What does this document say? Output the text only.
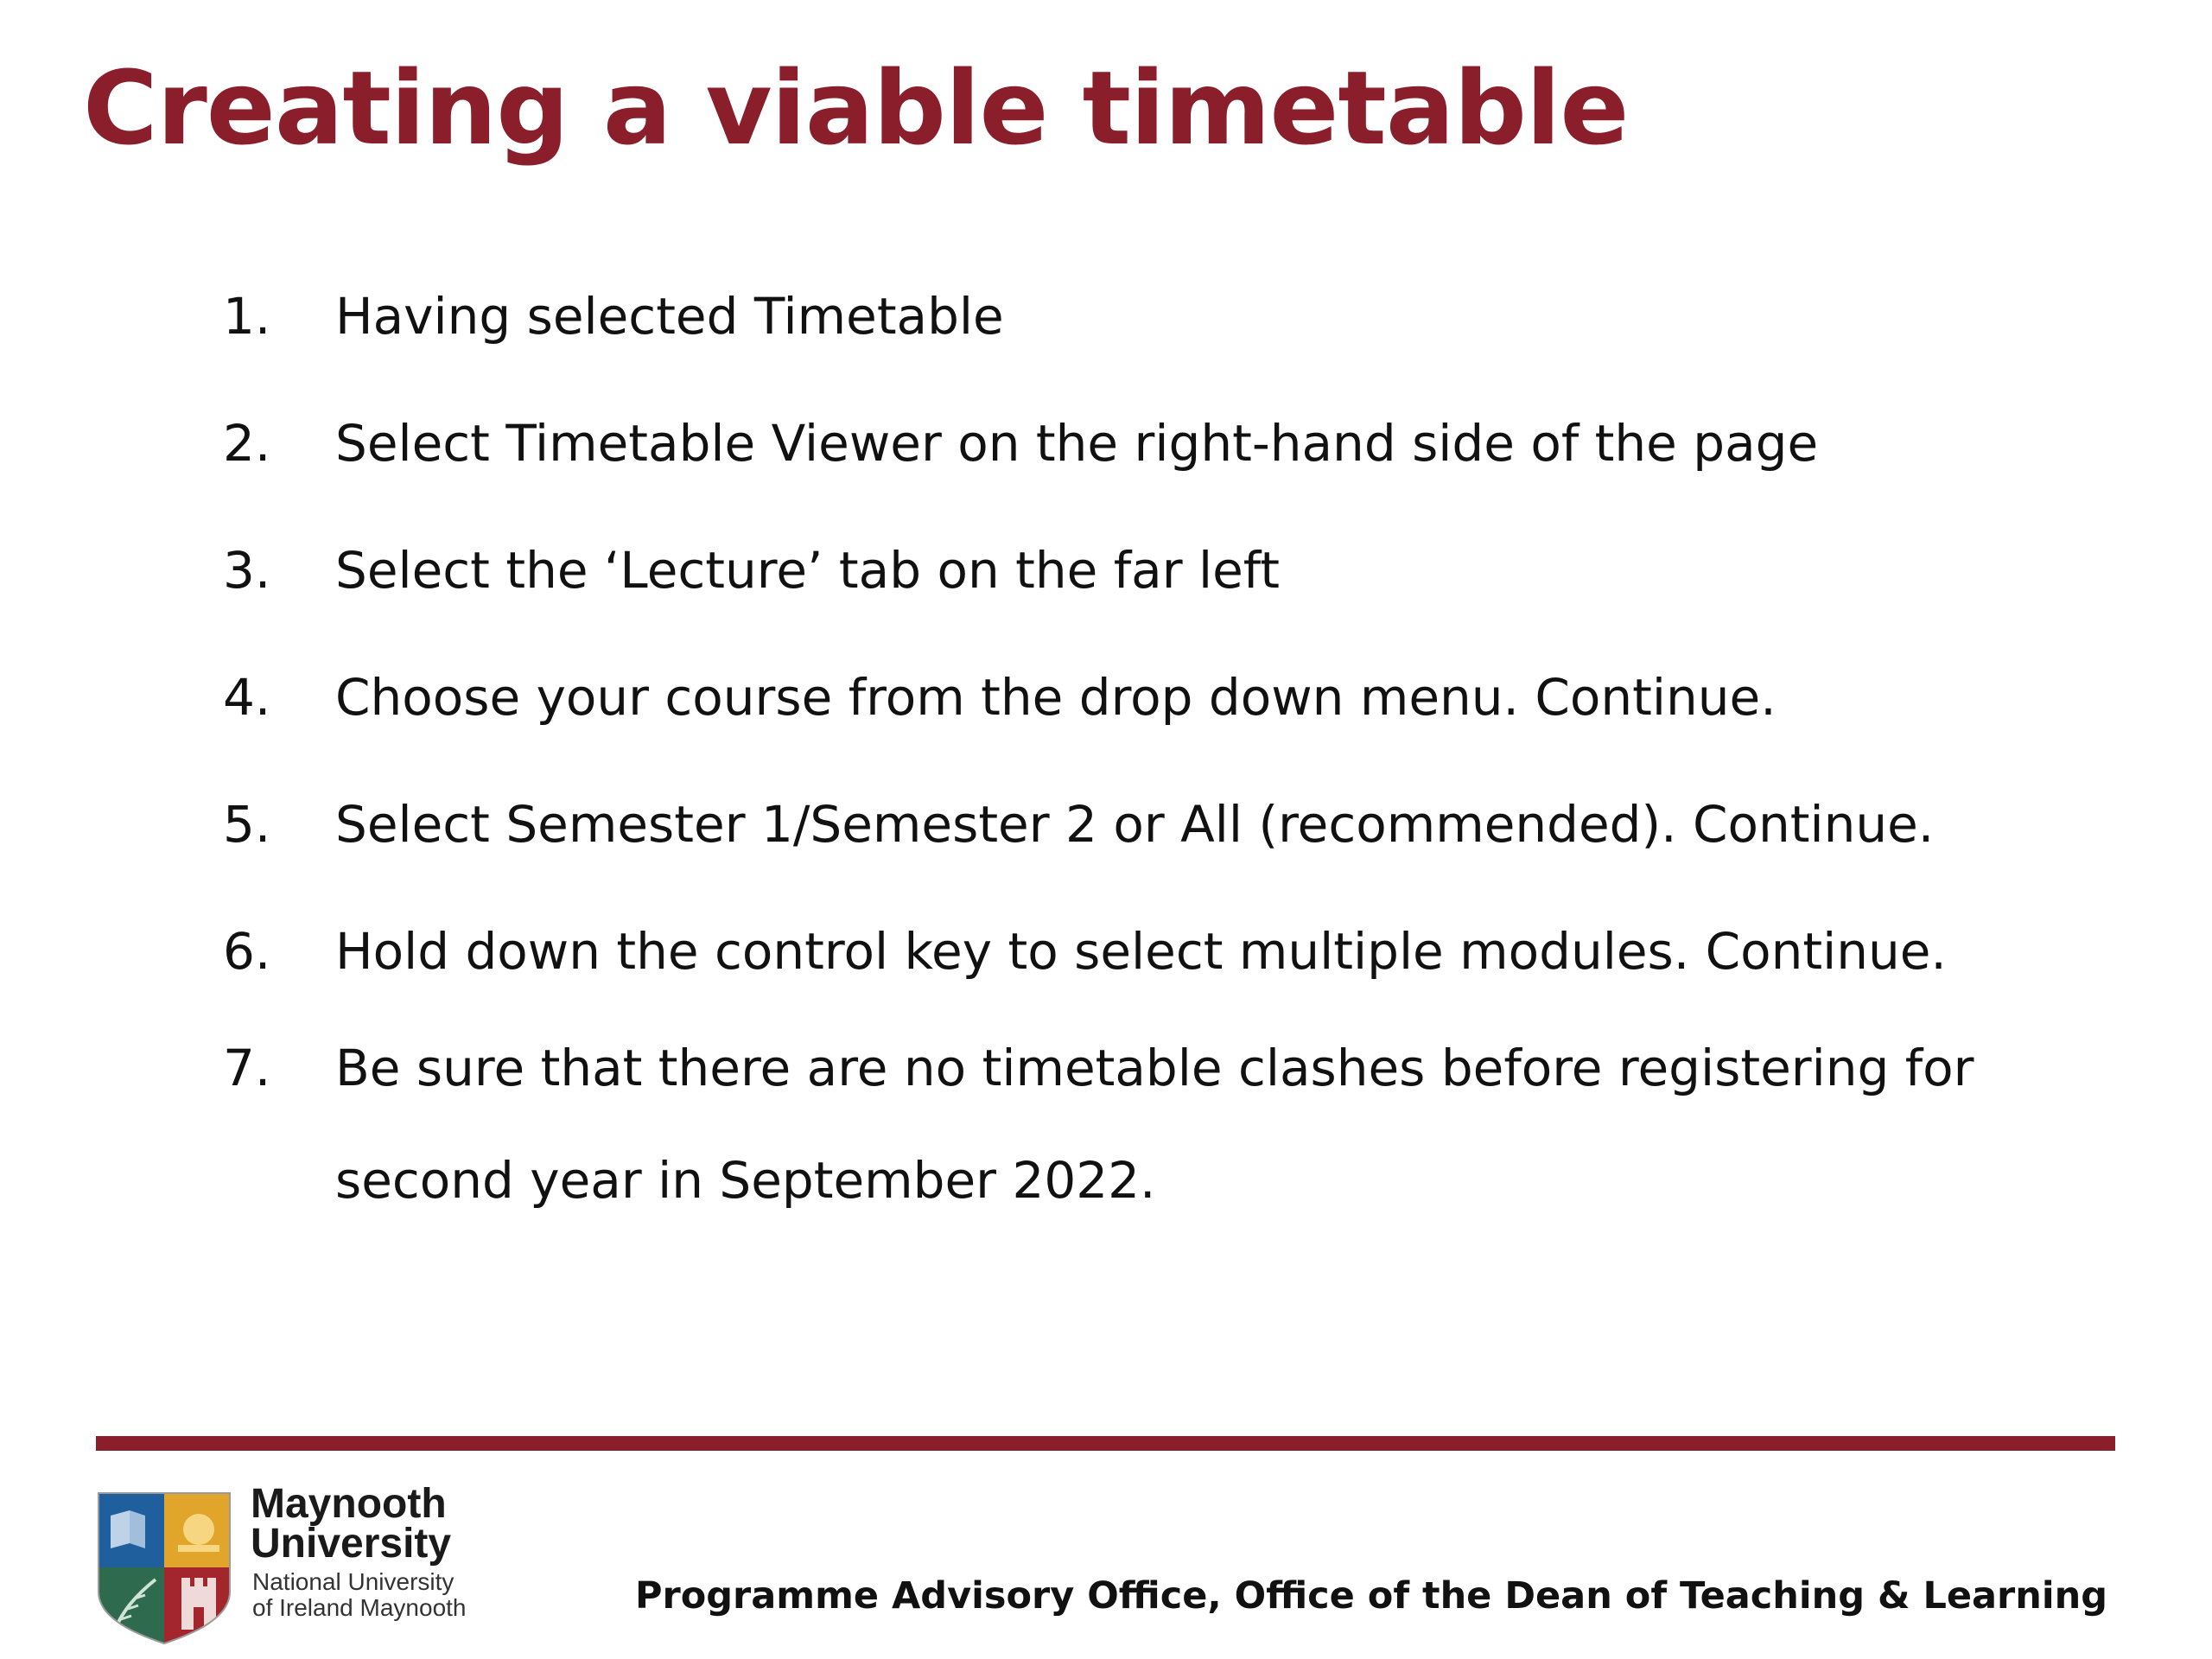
Creating a viable timetable
1. Having selected Timetable
2. Select Timetable Viewer on the right-hand side of the page
3. Select the ‘Lecture’ tab on the far left
4. Choose your course from the drop down menu. Continue.
5. Select Semester 1/Semester 2 or All (recommended). Continue.
6. Hold down the control key to select multiple modules. Continue.
7. Be sure that there are no timetable clashes before registering for second year in September 2022.
Maynooth
University
National University
of Ireland Maynooth	Programme Advisory Office, Office of the Dean of Teaching & Learning
